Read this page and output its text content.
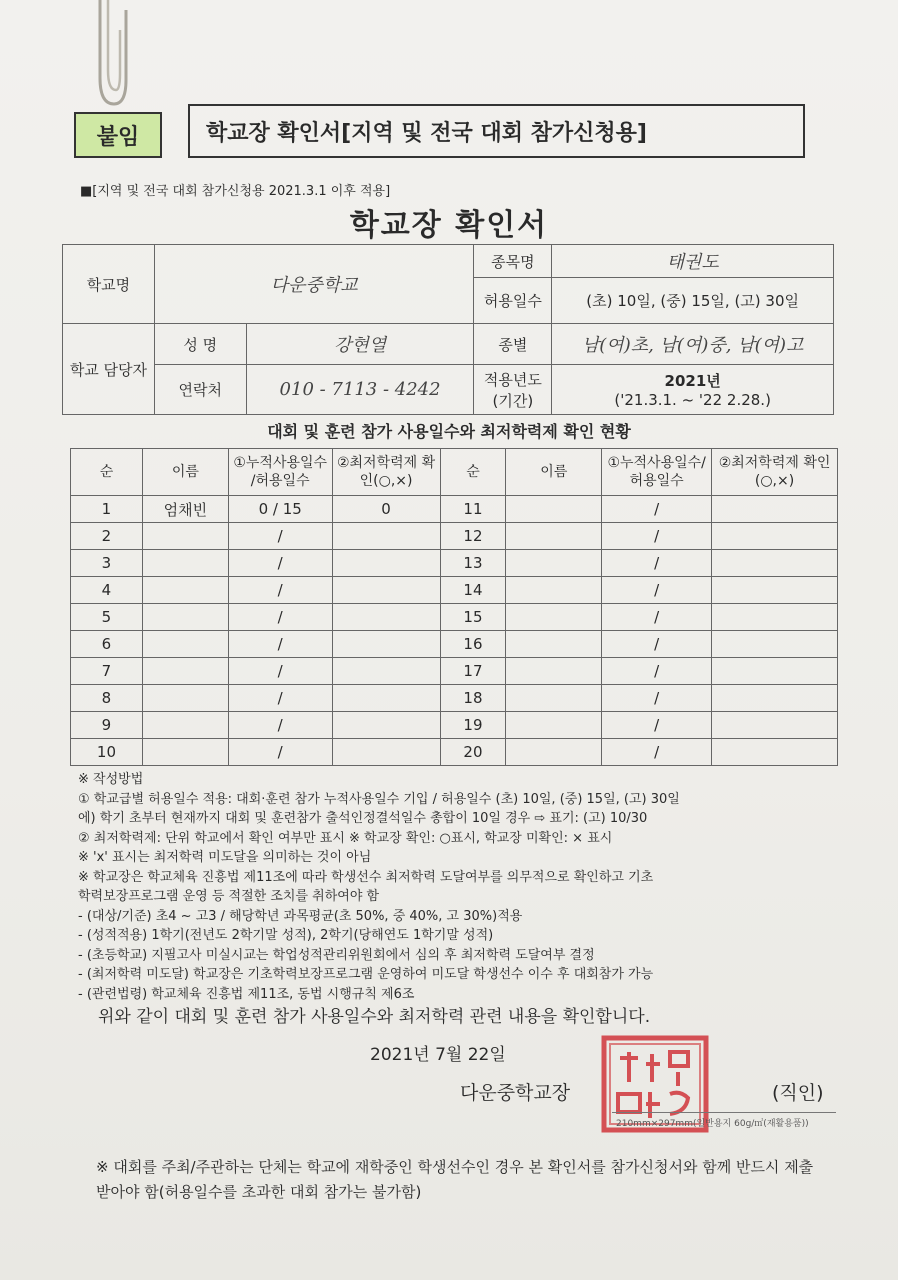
붙임	학교장 확인서[지역 및 전국 대회 참가신청용]
■[지역 및 전국 대회 참가신청용 2021.3.1 이후 적용]
학교장 확인서
학교명	다운중학교		종목명	태권도
			허용일수	(초) 10일, (중) 15일, (고) 30일
학교 담당자	성 명	강현열	종별	남(여)초, 남(여)중, 남(여)고
	연락처	010 - 7113 - 4242	적용년도 (기간)	2021년
('21.3.1. ~ '22 2.28.)
대회 및 훈련 참가 사용일수와 최저학력제 확인 현황
순	이름	①누적사용일수 /허용일수	②최저학력제 확인(○,×)	순	이름	①누적사용일수/ 허용일수	②최저학력제 확인(○,×)
1	엄채빈	0 / 15	0	11		/	
2		/		12		/	
3		/		13		/	
4		/		14		/	
5		/		15		/	
6		/		16		/	
7		/		17		/	
8		/		18		/	
9		/		19		/	
10		/		20		/	
※ 작성방법
① 학교급별 허용일수 적용: 대회·훈련 참가 누적사용일수 기입 / 허용일수 (초) 10일, (중) 15일, (고) 30일
에) 학기 초부터 현재까지 대회 및 훈련참가 출석인정결석일수 총합이 10일 경우 ⇨ 표기: (고) 10/30
② 최저학력제: 단위 학교에서 확인 여부만 표시 ※ 학교장 확인: ○표시, 학교장 미확인: × 표시
※ 'x' 표시는 최저학력 미도달을 의미하는 것이 아님
※ 학교장은 학교체육 진흥법 제11조에 따라 학생선수 최저학력 도달여부를 의무적으로 확인하고 기초
학력보장프로그램 운영 등 적절한 조치를 취하여야 함
- (대상/기준) 초4 ~ 고3 / 해당학년 과목평균(초 50%, 중 40%, 고 30%)적용
- (성적적용) 1학기(전년도 2학기말 성적), 2학기(당해연도 1학기말 성적)
- (초등학교) 지필고사 미실시교는 학업성적관리위원회에서 심의 후 최저학력 도달여부 결정
- (최저학력 미도달) 학교장은 기초학력보장프로그램 운영하여 미도달 학생선수 이수 후 대회참가 가능
- (관련법령) 학교체육 진흥법 제11조, 동법 시행규칙 제6조
위와 같이 대회 및 훈련 참가 사용일수와 최저학력 관련 내용을 확인합니다.
2021년 7월 22일
다운중학교장	(직인)
210mm×297mm(일반용지 60g/㎡(재활용품))
※ 대회를 주최/주관하는 단체는 학교에 재학중인 학생선수인 경우 본 확인서를 참가신청서와 함께 반드시 제출받아야 함(허용일수를 초과한 대회 참가는 불가함)
